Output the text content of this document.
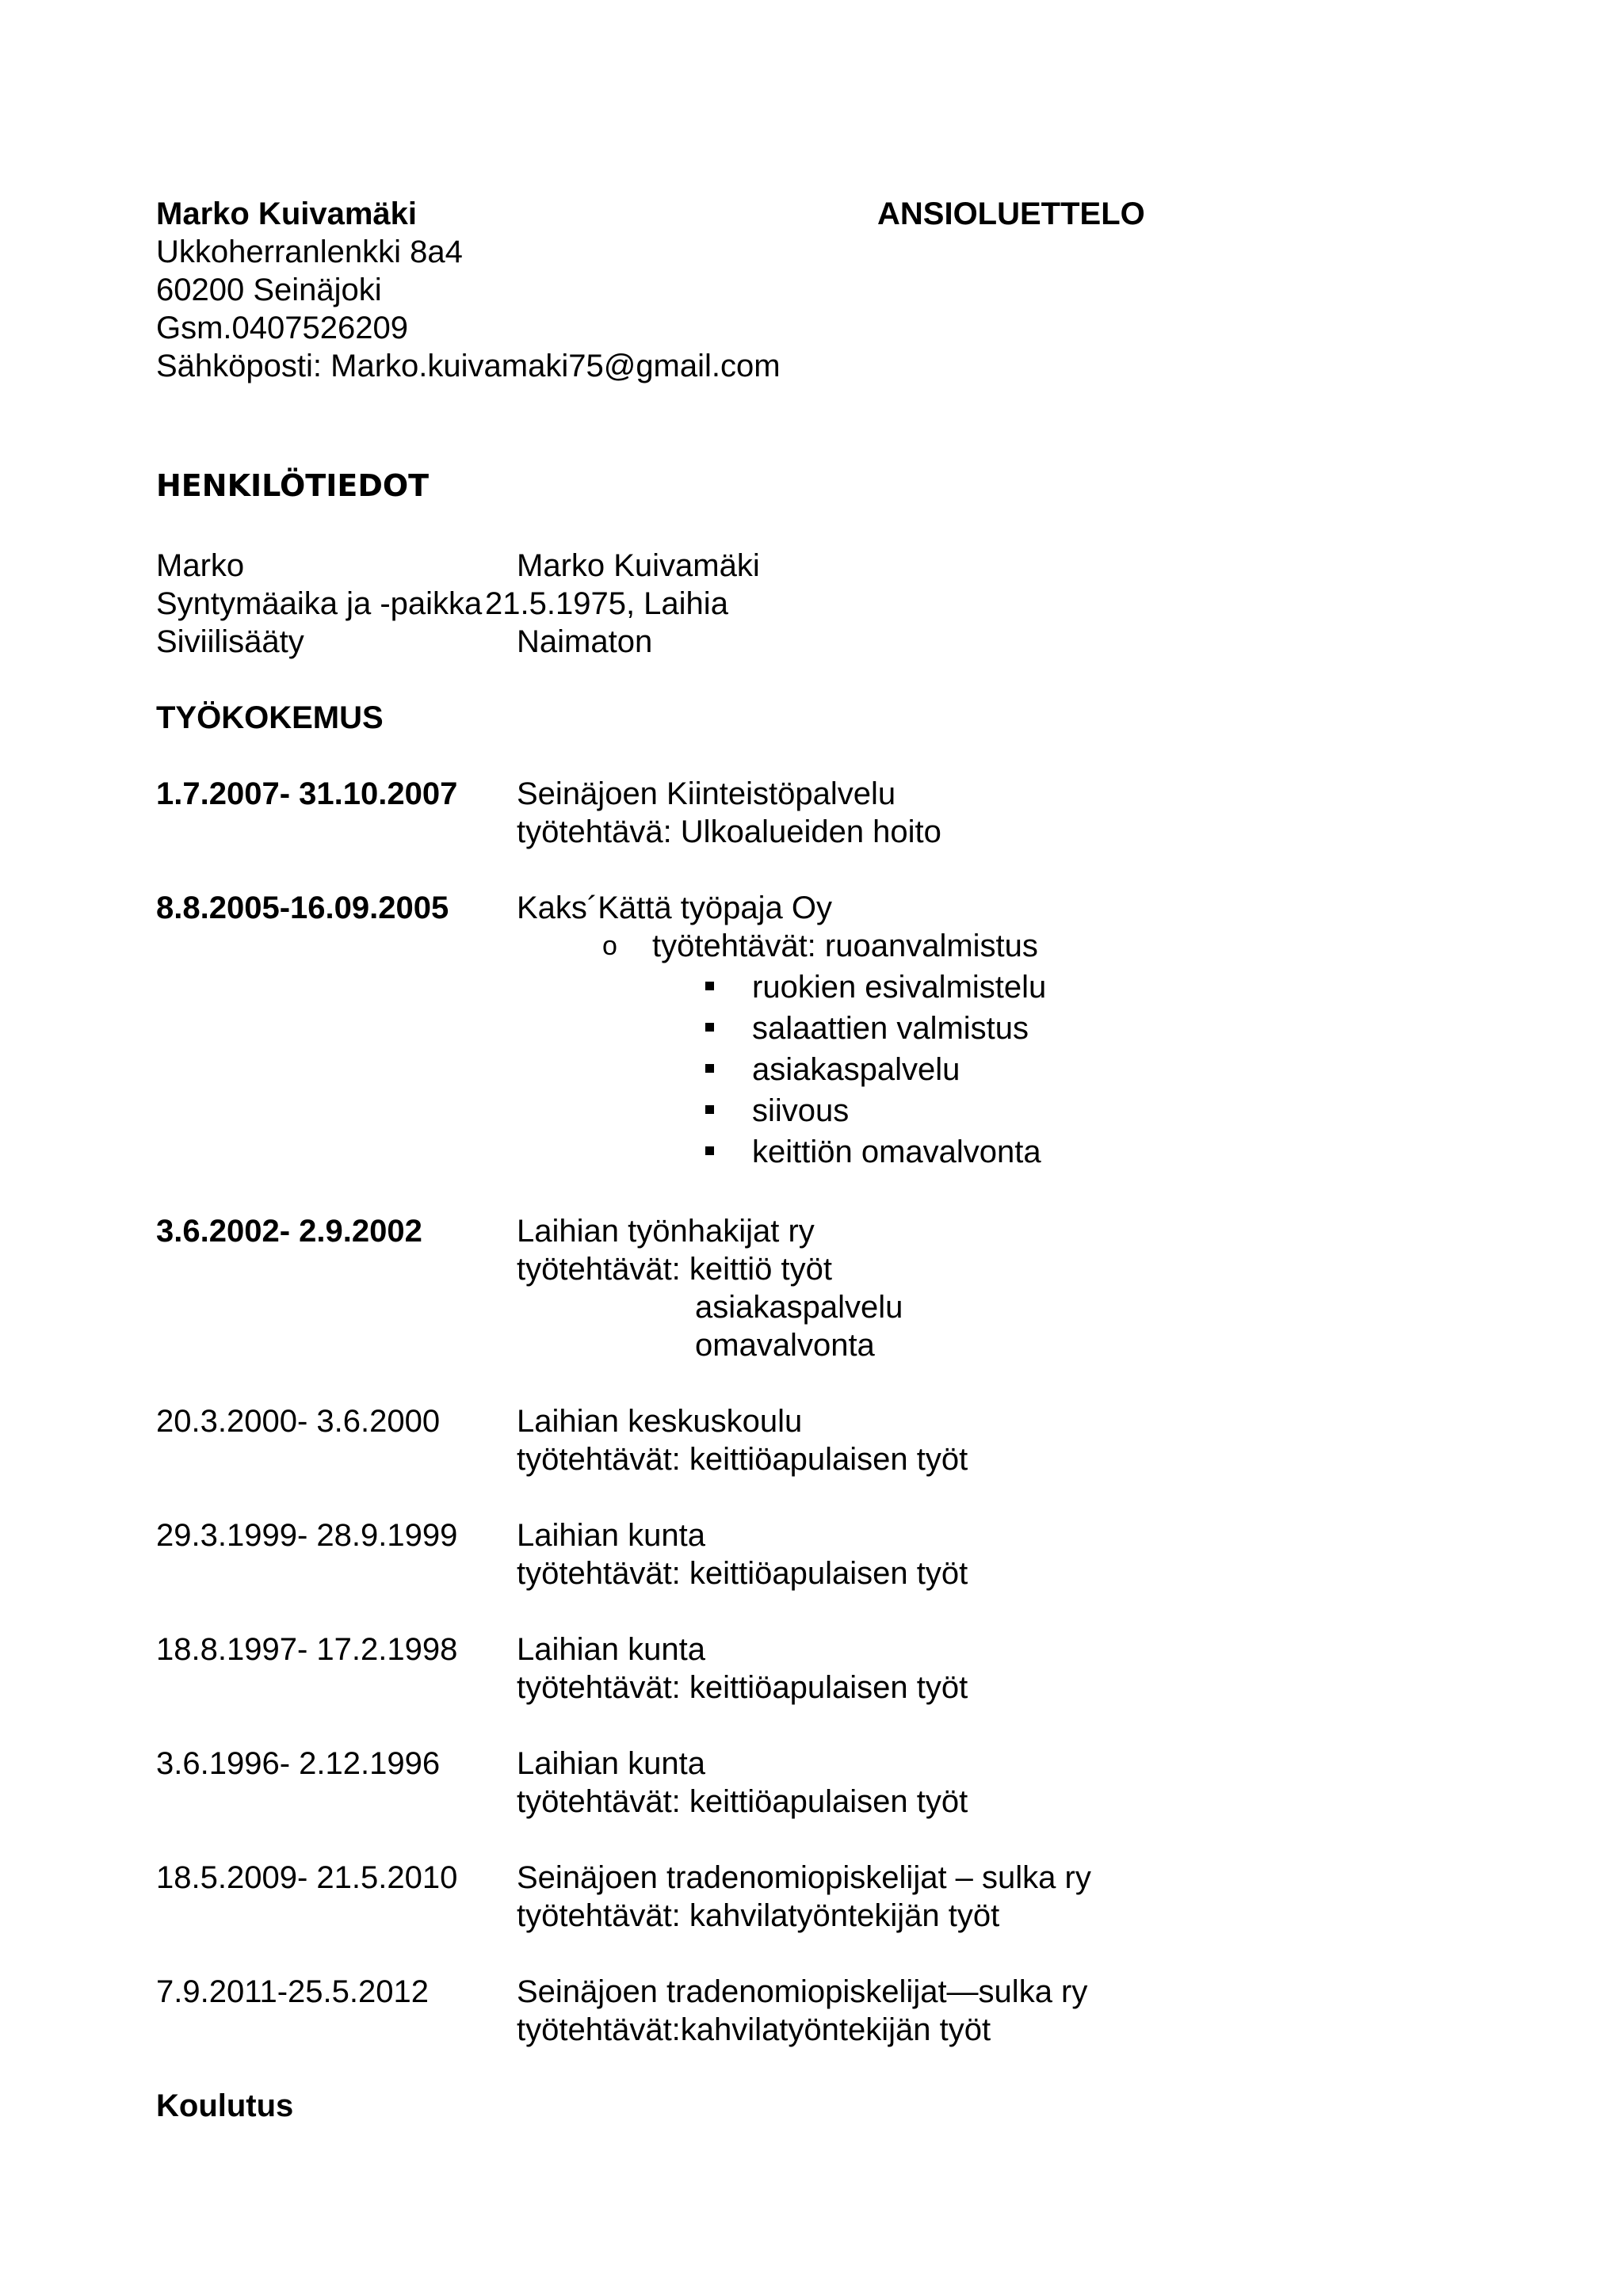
Marko Kuivamäki	ANSIOLUETTELO
Ukkoherranlenkki 8a4
60200 Seinäjoki
Gsm.0407526209
Sähköposti: Marko.kuivamaki75@gmail.com
HENKILÖTIEDOT
Marko	Marko Kuivamäki
Syntymäaika ja -paikka 21.5.1975, Laihia
Siviilisääty	Naimaton
TYÖKOKEMUS
1.7.2007- 31.10.2007 Seinäjoen Kiinteistöpalvelu
työtehtävä: Ulkoalueiden hoito
8.8.2005-16.09.2005 Kaks´Kättä työpaja Oy
o työtehtävät: ruoanvalmistus
ruokien esivalmistelu
salaattien valmistus
asiakaspalvelu
siivous
keittiön omavalvonta
3.6.2002- 2.9.2002	Laihian työnhakijat ry
työtehtävät: keittiö työt
asiakaspalvelu
omavalvonta
20.3.2000- 3.6.2000 Laihian keskuskoulu
työtehtävät: keittiöapulaisen työt
29.3.1999- 28.9.1999 Laihian kunta
työtehtävät: keittiöapulaisen työt
18.8.1997- 17.2.1998 Laihian kunta
työtehtävät: keittiöapulaisen työt
3.6.1996- 2.12.1996 Laihian kunta
työtehtävät: keittiöapulaisen työt
18.5.2009- 21.5.2010 Seinäjoen tradenomiopiskelijat – sulka ry
työtehtävät: kahvilatyöntekijän työt
7.9.2011-25.5.2012	Seinäjoen tradenomiopiskelijat—sulka ry
työtehtävät:kahvilatyöntekijän työt
Koulutus
